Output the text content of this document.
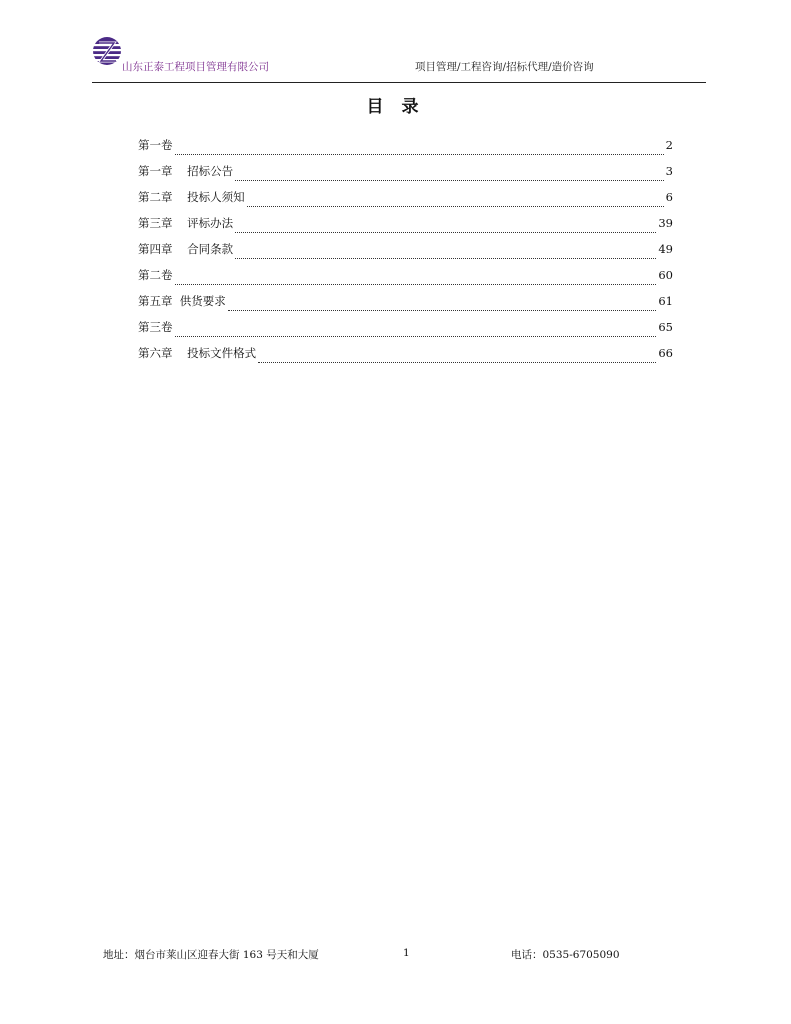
山东正泰工程项目管理有限公司	项目管理/工程咨询/招标代理/造价咨询
目 录
第一卷	2
第一章    招标公告	3
第二章    投标人须知	6
第三章    评标办法	39
第四章    合同条款	49
第二卷	60
第五章  供货要求	61
第三卷	65
第六章    投标文件格式	66
地址：烟台市莱山区迎春大街 163 号天和大厦	1	电话：0535-6705090
